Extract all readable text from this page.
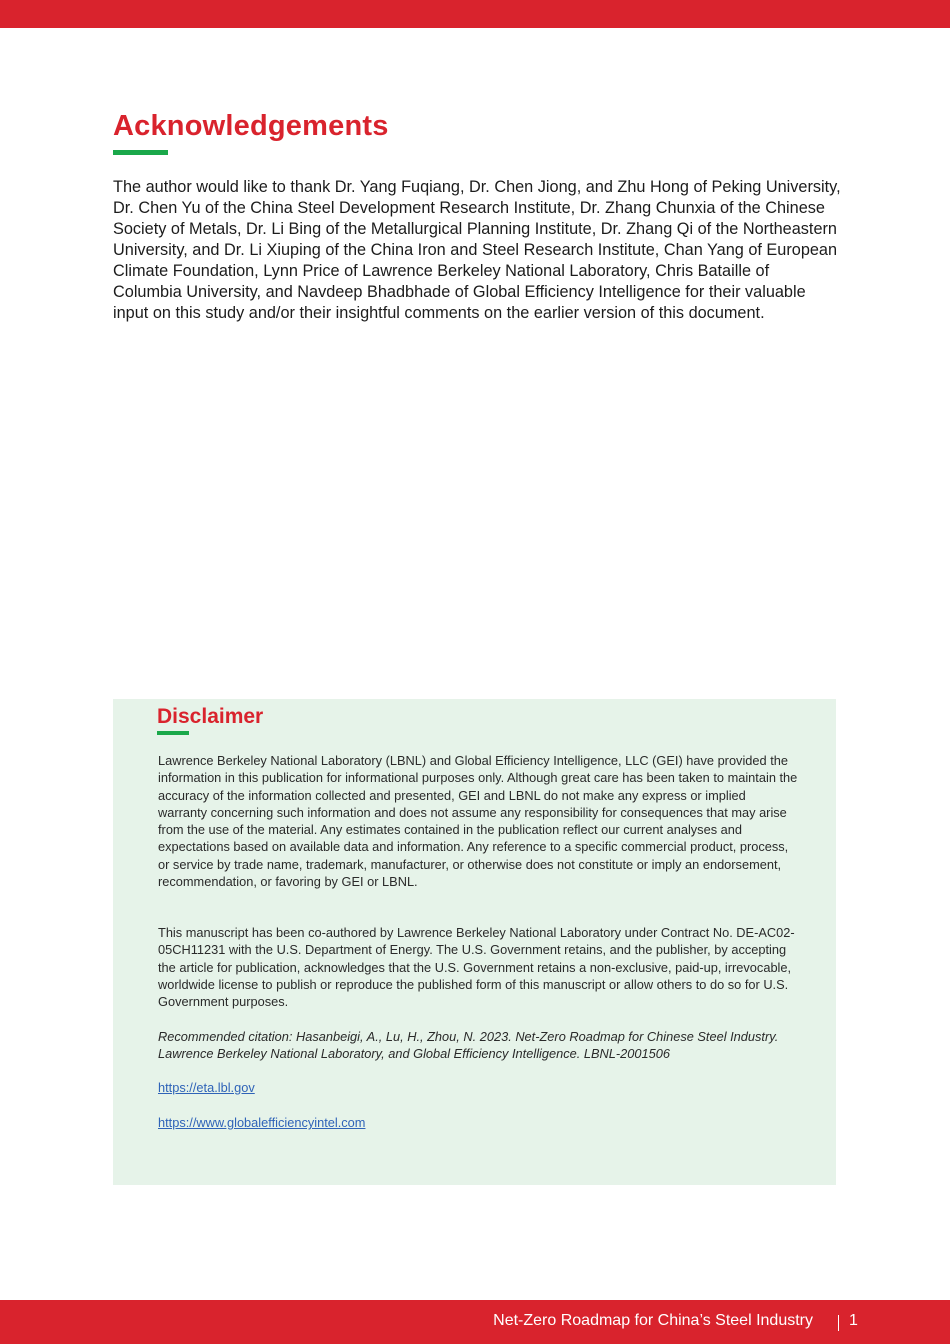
Acknowledgements

The author would like to thank Dr. Yang Fuqiang, Dr. Chen Jiong, and Zhu Hong of Peking University, Dr. Chen Yu of the China Steel Development Research Institute, Dr. Zhang Chunxia of the Chinese Society of Metals, Dr. Li Bing of the Metallurgical Planning Institute, Dr. Zhang Qi of the Northeastern University, and Dr. Li Xiuping of the China Iron and Steel Research Institute, Chan Yang of European Climate Foundation, Lynn Price of Lawrence Berkeley National Laboratory, Chris Bataille of Columbia University, and Navdeep Bhadbhade of Global Efficiency Intelligence for their valuable input on this study and/or their insightful comments on the earlier version of this document.

Disclaimer

Lawrence Berkeley National Laboratory (LBNL) and Global Efficiency Intelligence, LLC (GEI) have provided the information in this publication for informational purposes only. Although great care has been taken to maintain the accuracy of the information collected and presented, GEI and LBNL do not make any express or implied warranty concerning such information and does not assume any responsibility for consequences that may arise from the use of the material. Any estimates contained in the publication reflect our current analyses and expectations based on available data and information. Any reference to a specific commercial product, process, or service by trade name, trademark, manufacturer, or otherwise does not constitute or imply an endorsement, recommendation, or favoring by GEI or LBNL.

This manuscript has been co-authored by Lawrence Berkeley National Laboratory under Contract No. DE-AC02-05CH11231 with the U.S. Department of Energy. The U.S. Government retains, and the publisher, by accepting the article for publication, acknowledges that the U.S. Government retains a non-exclusive, paid-up, irrevocable, worldwide license to publish or reproduce the published form of this manuscript or allow others to do so for U.S. Government purposes.

Recommended citation: Hasanbeigi, A., Lu, H., Zhou, N. 2023. Net-Zero Roadmap for Chinese Steel Industry. Lawrence Berkeley National Laboratory, and Global Efficiency Intelligence. LBNL-2001506

https://eta.lbl.gov
https://www.globalefficiencyintel.com
Net-Zero Roadmap for China’s Steel Industry 1
